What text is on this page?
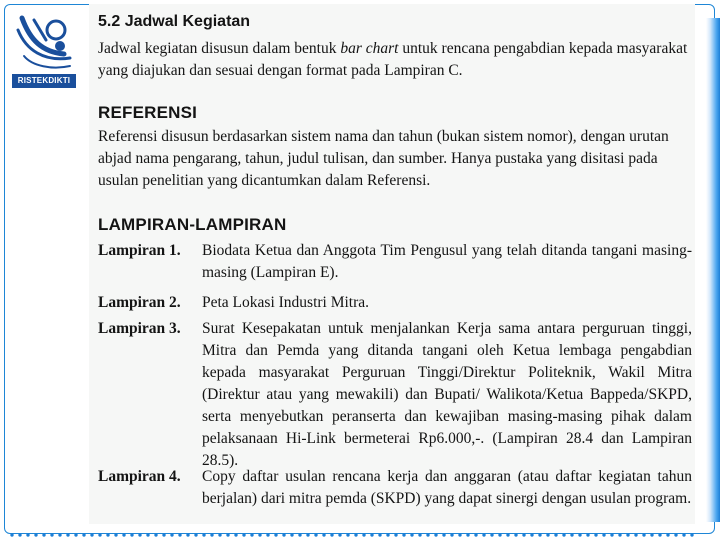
RISTEKDIKTI

5.2 Jadwal Kegiatan

Jadwal kegiatan disusun dalam bentuk bar chart untuk rencana pengabdian kepada masyarakat yang diajukan dan sesuai dengan format pada Lampiran C.

REFERENSI

Referensi disusun berdasarkan sistem nama dan tahun (bukan sistem nomor), dengan urutan abjad nama pengarang, tahun, judul tulisan, dan sumber. Hanya pustaka yang disitasi pada usulan penelitian yang dicantumkan dalam Referensi.

LAMPIRAN-LAMPIRAN

Lampiran 1.	Biodata Ketua dan Anggota Tim Pengusul yang telah ditanda tangani masing-masing (Lampiran E).

Lampiran 2.	Peta Lokasi Industri Mitra.

Lampiran 3.	Surat Kesepakatan untuk menjalankan Kerja sama antara perguruan tinggi, Mitra dan Pemda yang ditanda tangani oleh Ketua lembaga pengabdian kepada masyarakat Perguruan Tinggi/Direktur Politeknik, Wakil Mitra (Direktur atau yang mewakili) dan Bupati/ Walikota/Ketua Bappeda/SKPD, serta menyebutkan peranserta dan kewajiban masing-masing pihak dalam pelaksanaan Hi-Link bermeterai Rp6.000,-. (Lampiran 28.4 dan Lampiran 28.5).

Lampiran 4.	Copy daftar usulan rencana kerja dan anggaran (atau daftar kegiatan tahun berjalan) dari mitra pemda (SKPD) yang dapat sinergi dengan usulan program.
